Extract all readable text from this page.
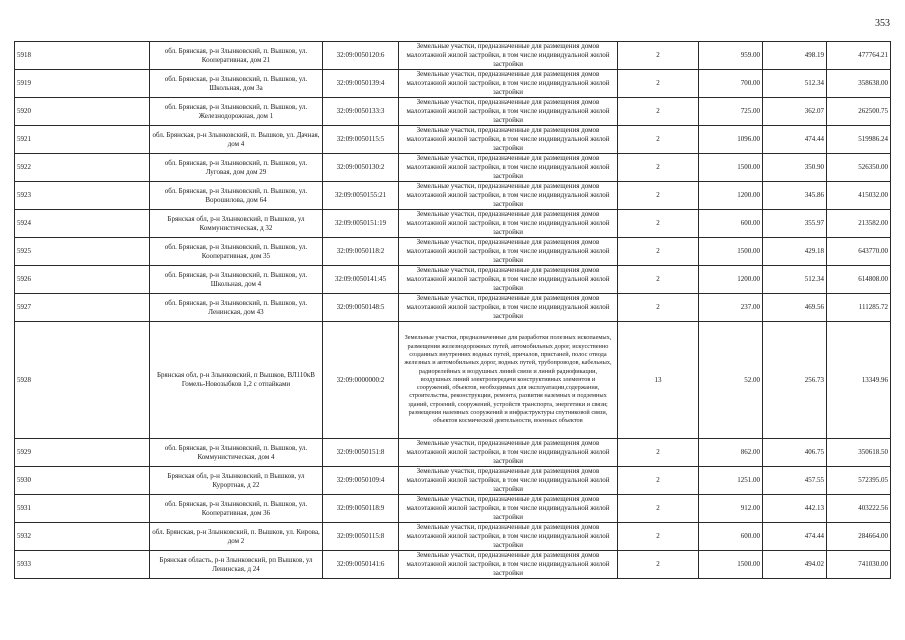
353
5918	обл. Брянская, р-н Злынковский, п. Вышков, ул. Кооперативная, дом 21	32:09:0050120:6	Земельные участки, предназначенные для размещения домов малоэтажной жилой застройки, в том числе индивидуальной жилой застройки	2	959.00	498.19	477764.21
5919	обл. Брянская, р-н Злынковский, п. Вышков, ул. Школьная, дом 3а	32:09:0050139:4	Земельные участки, предназначенные для размещения домов малоэтажной жилой застройки, в том числе индивидуальной жилой застройки	2	700.00	512.34	358638.00
5920	обл. Брянская, р-н Злынковский, п. Вышков, ул. Железнодорожная, дом 1	32:09:0050133:3	Земельные участки, предназначенные для размещения домов малоэтажной жилой застройки, в том числе индивидуальной жилой застройки	2	725.00	362.07	262500.75
5921	обл. Брянская, р-н Злынковский, п. Вышков, ул. Дачная, дом 4	32:09:0050115:5	Земельные участки, предназначенные для размещения домов малоэтажной жилой застройки, в том числе индивидуальной жилой застройки	2	1096.00	474.44	519986.24
5922	обл. Брянская, р-н Злынковский, п. Вышков, ул. Луговая, дом дом 29	32:09:0050130:2	Земельные участки, предназначенные для размещения домов малоэтажной жилой застройки, в том числе индивидуальной жилой застройки	2	1500.00	350.90	526350.00
5923	обл. Брянская, р-н Злынковский, п. Вышков, ул. Ворошилова, дом 64	32:09:0050155:21	Земельные участки, предназначенные для размещения домов малоэтажной жилой застройки, в том числе индивидуальной жилой застройки	2	1200.00	345.86	415032.00
5924	Брянская обл, р-н Злынковский, п Вышков, ул Коммунистическая, д 32	32:09:0050151:19	Земельные участки, предназначенные для размещения домов малоэтажной жилой застройки, в том числе индивидуальной жилой застройки	2	600.00	355.97	213582.00
5925	обл. Брянская, р-н Злынковский, п. Вышков, ул. Кооперативная, дом 35	32:09:0050118:2	Земельные участки, предназначенные для размещения домов малоэтажной жилой застройки, в том числе индивидуальной жилой застройки	2	1500.00	429.18	643770.00
5926	обл. Брянская, р-н Злынковский, п. Вышков, ул. Школьная, дом 4	32:09:0050141:45	Земельные участки, предназначенные для размещения домов малоэтажной жилой застройки, в том числе индивидуальной жилой застройки	2	1200.00	512.34	614808.00
5927	обл. Брянская, р-н Злынковский, п. Вышков, ул. Ленинская, дом 43	32:09:0050148:5	Земельные участки, предназначенные для размещения домов малоэтажной жилой застройки, в том числе индивидуальной жилой застройки	2	237.00	469.56	111285.72
5928	Брянская обл, р-н Злынковский, п Вышков, ВЛ110кВ Гомель-Новозыбков 1,2 с отпайками	32:09:0000000:2	Земельные участки, предназначенные для разработки полезных ископаемых, размещения железнодорожных путей, автомобильных дорог, искусственно созданных внутренних водных путей, причалов, пристаней, полос отвода железных и автомобильных дорог, водных путей, трубопроводов, кабельных, радиорелейных и воздушных линий связи и линий радиофикации, воздушных линий электропередачи конструктивных элементов и сооружений, объектов, необходимых для эксплуатации,содержания, строительства, реконструкции, ремонта, развития наземных и подземных зданий, строений, сооружений, устройств транспорта, энергетики и связи; размещения наземных сооружений и инфраструктуры спутниковой связи, объектов космической деятельности, военных объектов	13	52.00	256.73	13349.96
5929	обл. Брянская, р-н Злынковский, п. Вышков, ул. Коммунистическая, дом 4	32:09:0050151:8	Земельные участки, предназначенные для размещения домов малоэтажной жилой застройки, в том числе индивидуальной жилой застройки	2	862.00	406.75	350618.50
5930	Брянская обл, р-н Злынковский, п Вышков, ул Курортная, д 22	32:09:0050109:4	Земельные участки, предназначенные для размещения домов малоэтажной жилой застройки, в том числе индивидуальной жилой застройки	2	1251.00	457.55	572395.05
5931	обл. Брянская, р-н Злынковский, п. Вышков, ул. Кооперативная, дом 36	32:09:0050118:9	Земельные участки, предназначенные для размещения домов малоэтажной жилой застройки, в том числе индивидуальной жилой застройки	2	912.00	442.13	403222.56
5932	обл. Брянская, р-н Злынковский, п. Вышков, ул. Кирова, дом 2	32:09:0050115:8	Земельные участки, предназначенные для размещения домов малоэтажной жилой застройки, в том числе индивидуальной жилой застройки	2	600.00	474.44	284664.00
5933	Брянская область, р-н Злынковский, рп Вышков, ул Ленинская, д 24	32:09:0050141:6	Земельные участки, предназначенные для размещения домов малоэтажной жилой застройки, в том числе индивидуальной жилой застройки	2	1500.00	494.02	741030.00
